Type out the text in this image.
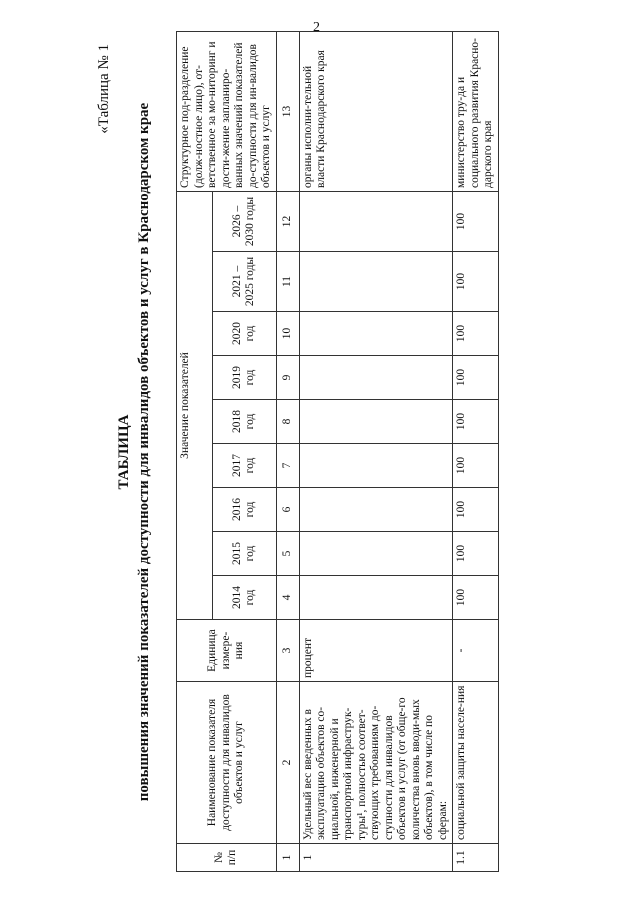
2
«Таблица № 1
ТАБЛИЦА повышения значений показателей доступности для инвалидов объектов и услуг в Краснодарском крае
№ п/п	Наименование показателя доступности для инвалидов объектов и услуг	Единица измере-ния	Значение показателей									Структурное под-разделение (долж-ностное лицо), от-ветственное за мо-ниторинг и дости-жение запланиро-ванных значений показателей до-ступности для ин-валидов объектов и услуг
			2014 год	2015 год	2016 год	2017 год	2018 год	2019 год	2020 год	2021 – 2025 годы	2026 – 2030 годы	
1	2	3	4	5	6	7	8	9	10	11	12	13
1	Удельный вес введенных в эксплуатацию объектов со-циальной, инженерной и транспортной инфраструк-туры¹, полностью соответ-ствующих требованиям до-ступности для инвалидов объектов и услуг (от обще-го количества вновь вводи-мых объектов), в том числе по сферам:	процент										органы исполни-тельной власти Краснодарского края
1.1	социальной защиты населе-ния	-	100	100	100	100	100	100	100	100	100	министерство тру-да и социального развития Красно-дарского края
